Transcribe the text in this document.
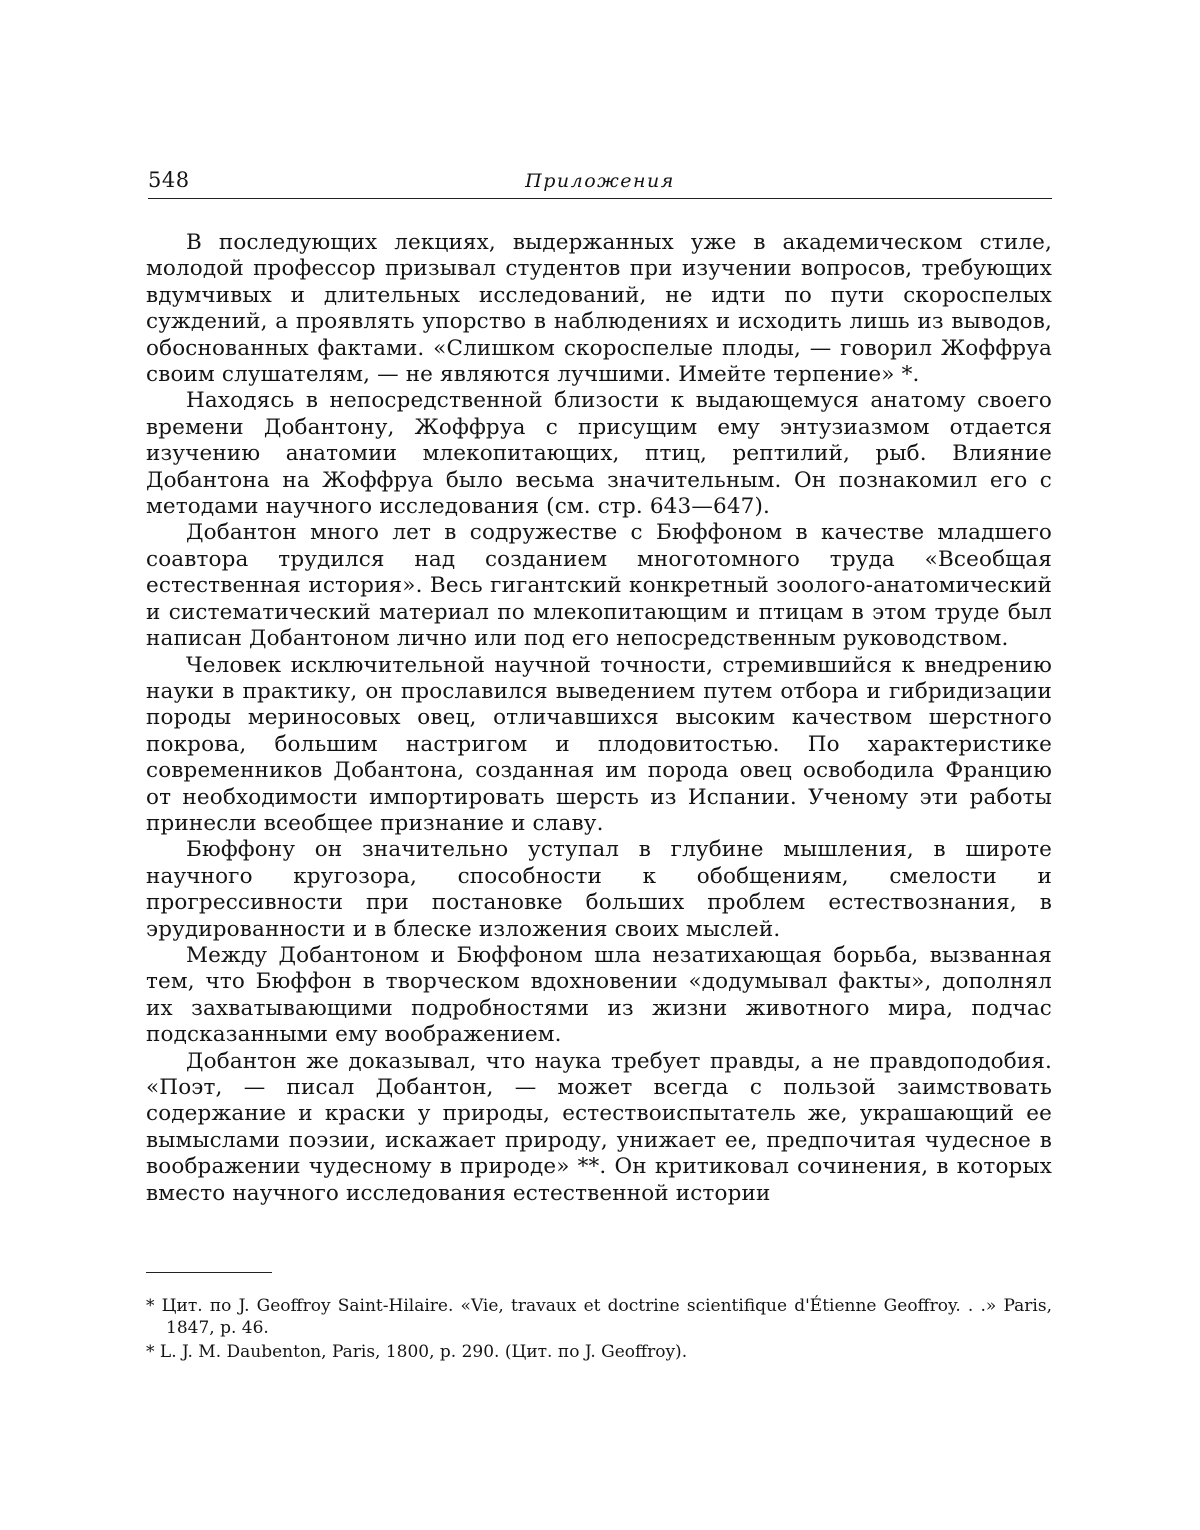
548	Приложения

В последующих лекциях, выдержанных уже в академическом стиле, молодой профессор призывал студентов при изучении вопросов, требующих вдумчивых и длительных исследований, не идти по пути скороспелых суждений, а проявлять упорство в наблюдениях и исходить лишь из выводов, обоснованных фактами. «Слишком скороспелые плоды, — говорил Жоффруа своим слушателям, — не являются лучшими. Имейте терпение» *.

Находясь в непосредственной близости к выдающемуся анатому своего времени Добантону, Жоффруа с присущим ему энтузиазмом отдается изучению анатомии млекопитающих, птиц, рептилий, рыб. Влияние Добантона на Жоффруа было весьма значительным. Он познакомил его с методами научного исследования (см. стр. 643—647).

Добантон много лет в содружестве с Бюффоном в качестве младшего соавтора трудился над созданием многотомного труда «Всеобщая естественная история». Весь гигантский конкретный зоолого-анатомический и систематический материал по млекопитающим и птицам в этом труде был написан Добантоном лично или под его непосредственным руководством.

Человек исключительной научной точности, стремившийся к внедрению науки в практику, он прославился выведением путем отбора и гибридизации породы мериносовых овец, отличавшихся высоким качеством шерстного покрова, большим настригом и плодовитостью. По характеристике современников Добантона, созданная им порода овец освободила Францию от необходимости импортировать шерсть из Испании. Ученому эти работы принесли всеобщее признание и славу.

Бюффону он значительно уступал в глубине мышления, в широте научного кругозора, способности к обобщениям, смелости и прогрессивности при постановке больших проблем естествознания, в эрудированности и в блеске изложения своих мыслей.

Между Добантоном и Бюффоном шла незатихающая борьба, вызванная тем, что Бюффон в творческом вдохновении «додумывал факты», дополнял их захватывающими подробностями из жизни животного мира, подчас подсказанными ему воображением.

Добантон же доказывал, что наука требует правды, а не правдоподобия. «Поэт, — писал Добантон, — может всегда с пользой заимствовать содержание и краски у природы, естествоиспытатель же, украшающий ее вымыслами поэзии, искажает природу, унижает ее, предпочитая чудесное в воображении чудесному в природе» **. Он критиковал сочинения, в которых вместо научного исследования естественной истории

* Цит. по J. Geoffroy Saint-Hilaire. «Vie, travaux et doctrine scientifique d'Étienne Geoffroy. . .» Paris, 1847, p. 46.

* L. J. M. Daubenton, Paris, 1800, p. 290. (Цит. по J. Geoffroy).
